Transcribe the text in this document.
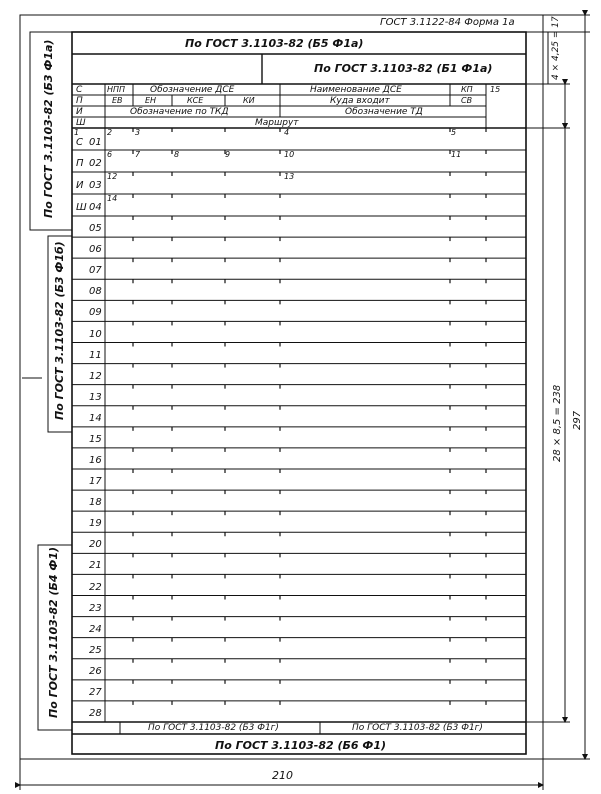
ГОСТ 3.1122-84 Форма 1а
По ГОСТ 3.1103-82 (Б5 Ф1а)
По ГОСТ 3.1103-82 (Б1 Ф1а)
С	НПП	Обозначение ДСЕ	Наименование ДСЕ	КП 15
П	ЕВ	ЕН	КСЕ	КИ	Куда входит	СВ
И	Обозначение по ТКД	Обозначение ТД
Ш	Маршрут
1	2	3	4	5
6	7	8	9	10	11
12	13
14
С 01
П 02
И 03
Ш 04
05
06
07
08
09
10
11
12
13
14
15
16
17
18
19
20
21
22
23
24
25
26
27
28
По ГОСТ 3.1103-82 (Б3 Ф1г)	По ГОСТ 3.1103-82 (Б3 Ф1г)
По ГОСТ 3.1103-82 (Б6 Ф1)
По ГОСТ 3.1103-82 (Б3 Ф1а)
По ГОСТ 3.1103-82 (Б3 Ф1б)
По ГОСТ 3.1103-82 (Б4 Ф1)
4 × 4,25 = 17
28 × 8,5 = 238 297
210
